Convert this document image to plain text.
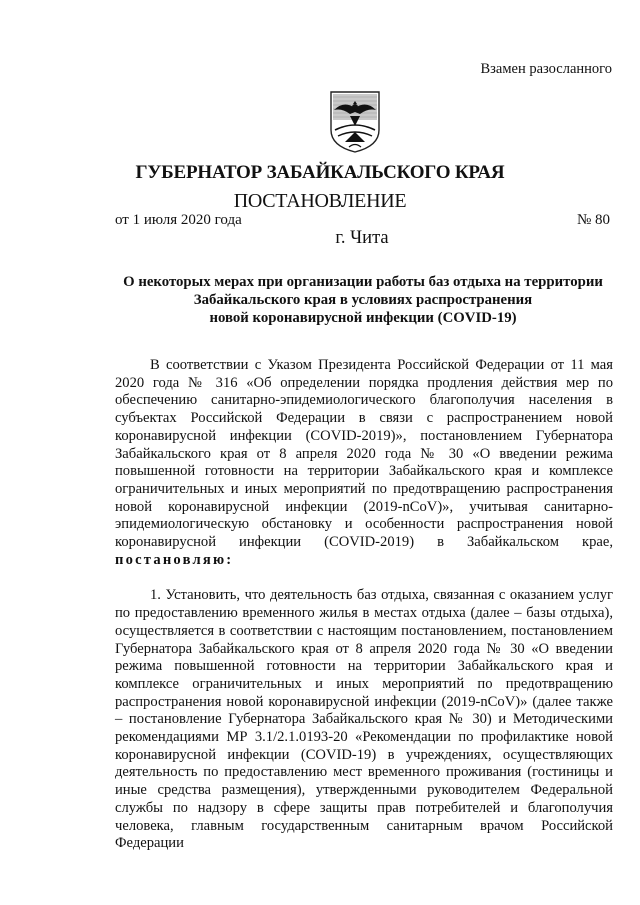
Взамен разосланного
ГУБЕРНАТОР ЗАБАЙКАЛЬСКОГО КРАЯ
ПОСТАНОВЛЕНИЕ
от 1 июля 2020 года	№ 80
г. Чита
О некоторых мерах при организации работы баз отдыха на территории
Забайкальского края в условиях распространения
новой коронавирусной инфекции (COVID-19)

В соответствии с Указом Президента Российской Федерации от 11 мая 2020 года № 316 «Об определении порядка продления действия мер по обеспечению санитарно-эпидемиологического благополучия населения в субъектах Российской Федерации в связи с распространением новой коронавирусной инфекции (COVID-2019)», постановлением Губернатора Забайкальского края от 8 апреля 2020 года № 30 «О введении режима повышенной готовности на территории Забайкальского края и комплексе ограничительных и иных мероприятий по предотвращению распространения новой коронавирусной инфекции (2019-nCoV)», учитывая санитарно-эпидемиологическую обстановку и особенности распространения новой коронавирусной инфекции (COVID-2019) в Забайкальском крае, постановляю:

1. Установить, что деятельность баз отдыха, связанная с оказанием услуг по предоставлению временного жилья в местах отдыха (далее – базы отдыха), осуществляется в соответствии с настоящим постановлением, постановлением Губернатора Забайкальского края от 8 апреля 2020 года № 30 «О введении режима повышенной готовности на территории Забайкальского края и комплексе ограничительных и иных мероприятий по предотвращению распространения новой коронавирусной инфекции (2019-nCoV)» (далее также – постановление Губернатора Забайкальского края № 30) и Методическими рекомендациями МР 3.1/2.1.0193-20 «Рекомендации по профилактике новой коронавирусной инфекции (COVID-19) в учреждениях, осуществляющих деятельность по предоставлению мест временного проживания (гостиницы и иные средства размещения), утвержденными руководителем Федеральной службы по надзору в сфере защиты прав потребителей и благополучия человека, главным государственным санитарным врачом Российской Федерации
